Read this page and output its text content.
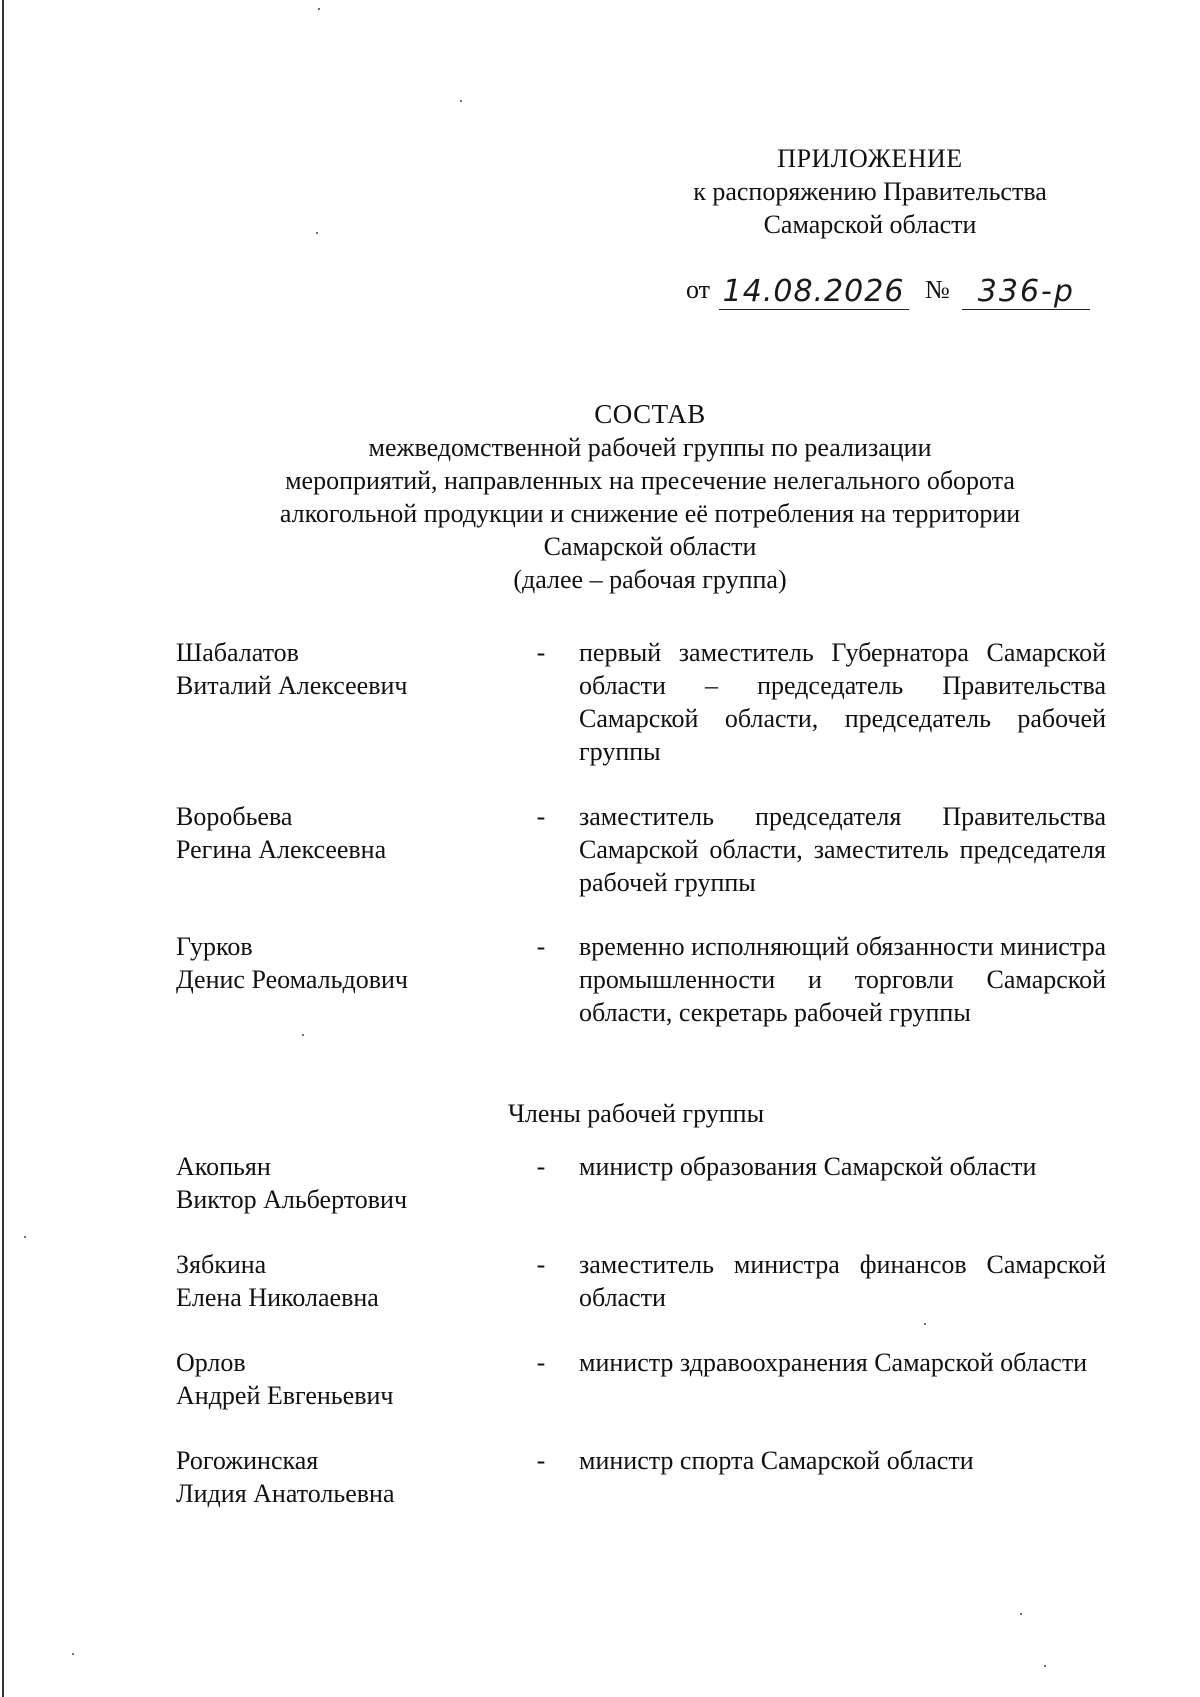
ПРИЛОЖЕНИЕ
к распоряжению Правительства
Самарской области
от 14.08.2026 № 336-р
СОСТАВ
межведомственной рабочей группы по реализации
мероприятий, направленных на пресечение нелегального оборота
алкогольной продукции и снижение её потребления на территории
Самарской области
(далее – рабочая группа)
Шабалатов
Виталий Алексеевич
-	первый заместитель Губернатора Самарской области – председатель Правительства Самарской области, председатель рабочей группы
Воробьева
Регина Алексеевна
-	заместитель председателя Правительства Самарской области, заместитель председателя рабочей группы
Гурков
Денис Реомальдович
-	временно исполняющий обязанности министра промышленности и торговли Самарской области, секретарь рабочей группы
Члены рабочей группы
Акопьян
Виктор Альбертович
-	министр образования Самарской области
Зябкина
Елена Николаевна
-	заместитель министра финансов Самарской области
Орлов
Андрей Евгеньевич
-	министр здравоохранения Самарской области
Рогожинская
Лидия Анатольевна
-	министр спорта Самарской области
